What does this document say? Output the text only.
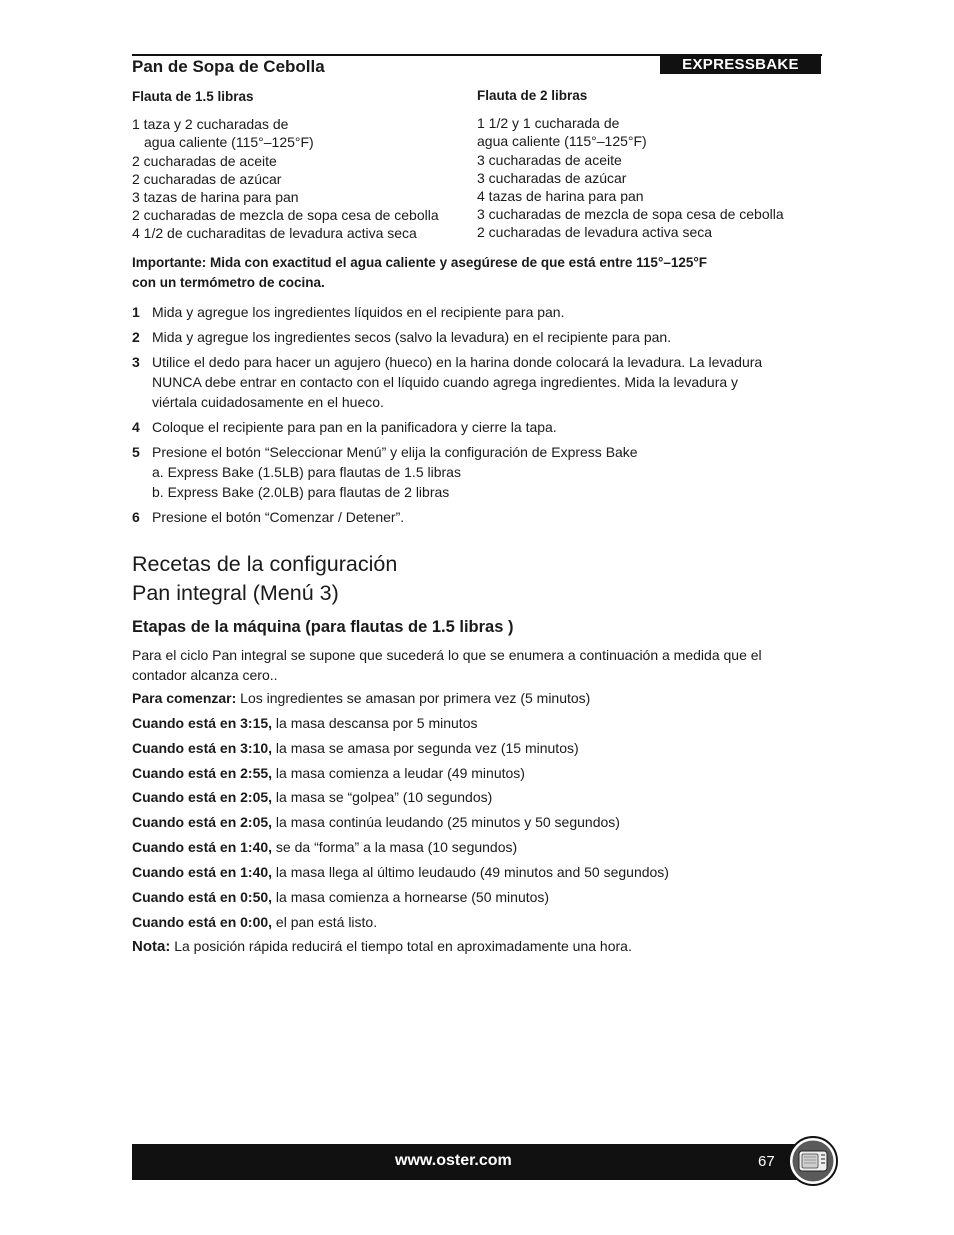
Pan de Sopa de Cebolla	EXPRESSBAKE
Flauta de 1.5 libras
1 taza y 2 cucharadas de
agua caliente (115°–125°F)
2 cucharadas de aceite
2 cucharadas de azúcar
3 tazas de harina para pan
2 cucharadas de mezcla de sopa cesa de cebolla
4 1/2 de cucharaditas de levadura activa seca
Flauta de 2 libras
1 1/2 y 1 cucharada de
agua caliente (115°–125°F)
3 cucharadas de aceite
3 cucharadas de azúcar
4 tazas de harina para pan
3 cucharadas de mezcla de sopa cesa de cebolla
2 cucharadas de levadura activa seca
Importante: Mida con exactitud el agua caliente y asegúrese de que está entre 115°–125°F
con un termómetro de cocina.
1 Mida y agregue los ingredientes líquidos en el recipiente para pan.
2 Mida y agregue los ingredientes secos (salvo la levadura) en el recipiente para pan.
3 Utilice el dedo para hacer un agujero (hueco) en la harina donde colocará la levadura. La levadura
NUNCA debe entrar en contacto con el líquido cuando agrega ingredientes. Mida la levadura y
viértala cuidadosamente en el hueco.
4 Coloque el recipiente para pan en la panificadora y cierre la tapa.
5 Presione el botón “Seleccionar Menú” y elija la configuración de Express Bake
a. Express Bake (1.5LB) para flautas de 1.5 libras
b. Express Bake (2.0LB) para flautas de 2 libras
6 Presione el botón “Comenzar / Detener”.
Recetas de la configuración
Pan integral (Menú 3)
Etapas de la máquina (para flautas de 1.5 libras )
Para el ciclo Pan integral se supone que sucederá lo que se enumera a continuación a medida que el
contador alcanza cero..
Para comenzar: Los ingredientes se amasan por primera vez (5 minutos)
Cuando está en 3:15, la masa descansa por 5 minutos
Cuando está en 3:10, la masa se amasa por segunda vez (15 minutos)
Cuando está en 2:55, la masa comienza a leudar (49 minutos)
Cuando está en 2:05, la masa se “golpea” (10 segundos)
Cuando está en 2:05, la masa continúa leudando (25 minutos y 50 segundos)
Cuando está en 1:40, se da “forma” a la masa (10 segundos)
Cuando está en 1:40, la masa llega al último leudaudo (49 minutos and 50 segundos)
Cuando está en 0:50, la masa comienza a hornearse (50 minutos)
Cuando está en 0:00, el pan está listo.
Nota: La posición rápida reducirá el tiempo total en aproximadamente una hora.
www.oster.com	67
